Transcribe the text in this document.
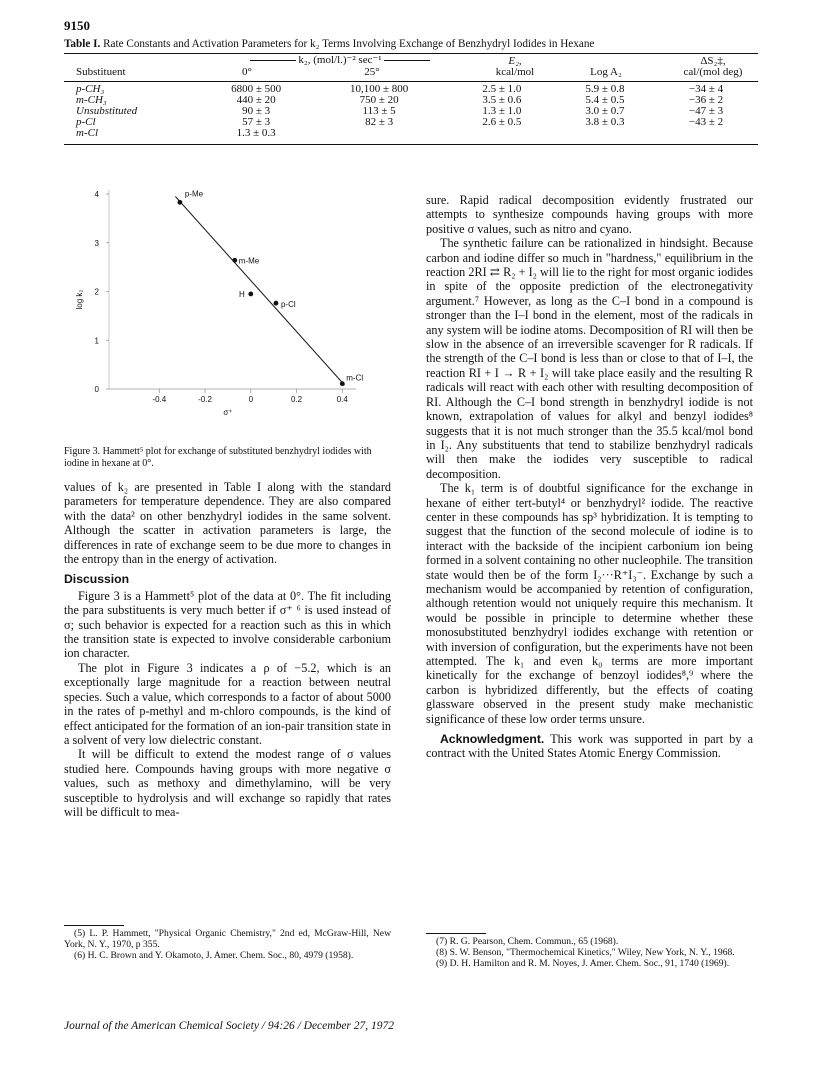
9150
Table I. Rate Constants and Activation Parameters for k₂ Terms Involving Exchange of Benzhydryl Iodides in Hexane
k₂, (mol/l.)⁻² sec⁻¹	E₂,	ΔS₂‡,
Substituent	0°	25°	kcal/mol	Log A₂	cal/(mol deg)
p-CH₃	6800 ± 500	10,100 ± 800	2.5 ± 1.0	5.9 ± 0.8	−34 ± 4
m-CH₃	440 ± 20	750 ± 20	3.5 ± 0.6	5.4 ± 0.5	−36 ± 2
Unsubstituted	90 ± 3	113 ± 5	1.3 ± 1.0	3.0 ± 0.7	−47 ± 3
p-Cl	57 ± 3	82 ± 3	2.6 ± 0.5	3.8 ± 0.3	−43 ± 2
m-Cl	1.3 ± 0.3				
-0.4	-0.2	0	0.2	0.4
0
1
2
3
4	p-Me
m-Me
H
p-Cl
m-Cl
log k₂
σ⁺
Figure 3. Hammett⁵ plot for exchange of substituted benzhydryl iodides with iodine in hexane at 0°.

values of k₂ are presented in Table I along with the standard parameters for temperature dependence. They are also compared with the data² on other benzhydryl iodides in the same solvent. Although the scatter in activation parameters is large, the differences in rate of exchange seem to be due more to changes in the entropy than in the energy of activation.

Discussion

Figure 3 is a Hammett⁵ plot of the data at 0°. The fit including the para substituents is very much better if σ⁺ ⁶ is used instead of σ; such behavior is expected for a reaction such as this in which the transition state is expected to involve considerable carbonium ion character.

The plot in Figure 3 indicates a ρ of −5.2, which is an exceptionally large magnitude for a reaction between neutral species. Such a value, which corresponds to a factor of about 5000 in the rates of p-methyl and m-chloro compounds, is the kind of effect anticipated for the formation of an ion-pair transition state in a solvent of very low dielectric constant.

It will be difficult to extend the modest range of σ values studied here. Compounds having groups with more negative σ values, such as methoxy and dimethylamino, will be very susceptible to hydrolysis and will exchange so rapidly that rates will be difficult to mea-

(5) L. P. Hammett, "Physical Organic Chemistry," 2nd ed, McGraw-Hill, New York, N. Y., 1970, p 355.

(6) H. C. Brown and Y. Okamoto, J. Amer. Chem. Soc., 80, 4979 (1958).

sure. Rapid radical decomposition evidently frustrated our attempts to synthesize compounds having groups with more positive σ values, such as nitro and cyano.

The synthetic failure can be rationalized in hindsight. Because carbon and iodine differ so much in "hardness," equilibrium in the reaction 2RI ⇄ R₂ + I₂ will lie to the right for most organic iodides in spite of the opposite prediction of the electronegativity argument.⁷ However, as long as the C–I bond in a compound is stronger than the I–I bond in the element, most of the radicals in any system will be iodine atoms. Decomposition of RI will then be slow in the absence of an irreversible scavenger for R radicals. If the strength of the C–I bond is less than or close to that of I–I, the reaction RI + I → R + I₂ will take place easily and the resulting R radicals will react with each other with resulting decomposition of RI. Although the C–I bond strength in benzhydryl iodide is not known, extrapolation of values for alkyl and benzyl iodides⁸ suggests that it is not much stronger than the 35.5 kcal/mol bond in I₂. Any substituents that tend to stabilize benzhydryl radicals will then make the iodides very susceptible to radical decomposition.

The k₁ term is of doubtful significance for the exchange in hexane of either tert-butyl⁴ or benzhydryl² iodide. The reactive center in these compounds has sp³ hybridization. It is tempting to suggest that the function of the second molecule of iodine is to interact with the backside of the incipient carbonium ion being formed in a solvent containing no other nucleophile. The transition state would then be of the form I₂···R⁺I₃⁻. Exchange by such a mechanism would be accompanied by retention of configuration, although retention would not uniquely require this mechanism. It would be possible in principle to determine whether these monosubstituted benzhydryl iodides exchange with retention or with inversion of configuration, but the experiments have not been attempted. The k₁ and even k₀ terms are more important kinetically for the exchange of benzoyl iodides⁸,⁹ where the carbon is hybridized differently, but the effects of coating glassware observed in the present study make mechanistic significance of these low order terms unsure.

Acknowledgment. This work was supported in part by a contract with the United States Atomic Energy Commission.

(7) R. G. Pearson, Chem. Commun., 65 (1968).

(8) S. W. Benson, "Thermochemical Kinetics," Wiley, New York, N. Y., 1968.

(9) D. H. Hamilton and R. M. Noyes, J. Amer. Chem. Soc., 91, 1740 (1969).

Journal of the American Chemical Society / 94:26 / December 27, 1972
